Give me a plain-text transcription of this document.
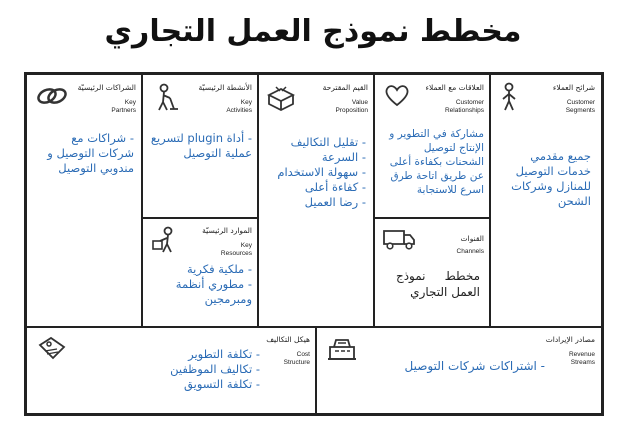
مخطط نموذج العمل التجاري
الشراكات الرئيسيّة
Key
Partners
- شراكات مع
شركات التوصيل و
مندوبي التوصيل
الأنشطة الرئيسيّة
Key
Activities
- أداة plugin لتسريع
عملية التوصيل
الموارد الرئيسيّة
Key
Resources
- ملكية فكرية
- مطوري أنظمة
ومبرمجين
القيم المقترحة
Value
Proposition
- تقليل التكاليف
- السرعة
- سهولة الاستخدام
- كفاءة أعلى
- رضا العميل
العلاقات مع العملاء
Customer
Relationships
مشاركة في التطوير و
الإنتاج لتوصيل
الشحنات بكفاءة أعلى
عن طريق اتاحة طرق
اسرع للاستجابة
القنوات
Channels
مخطط     نموذج
العمل التجاري
شرائح العملاء
Customer
Segments
جميع مقدمي
خدمات التوصيل
للمنازل وشركات
الشحن
هيكل التكاليف
Cost
Structure
- تكلفة التطوير
- تكاليف الموظفين
- تكلفة التسويق
مصادر الإيرادات
Revenue
Streams
- اشتراكات شركات التوصيل
